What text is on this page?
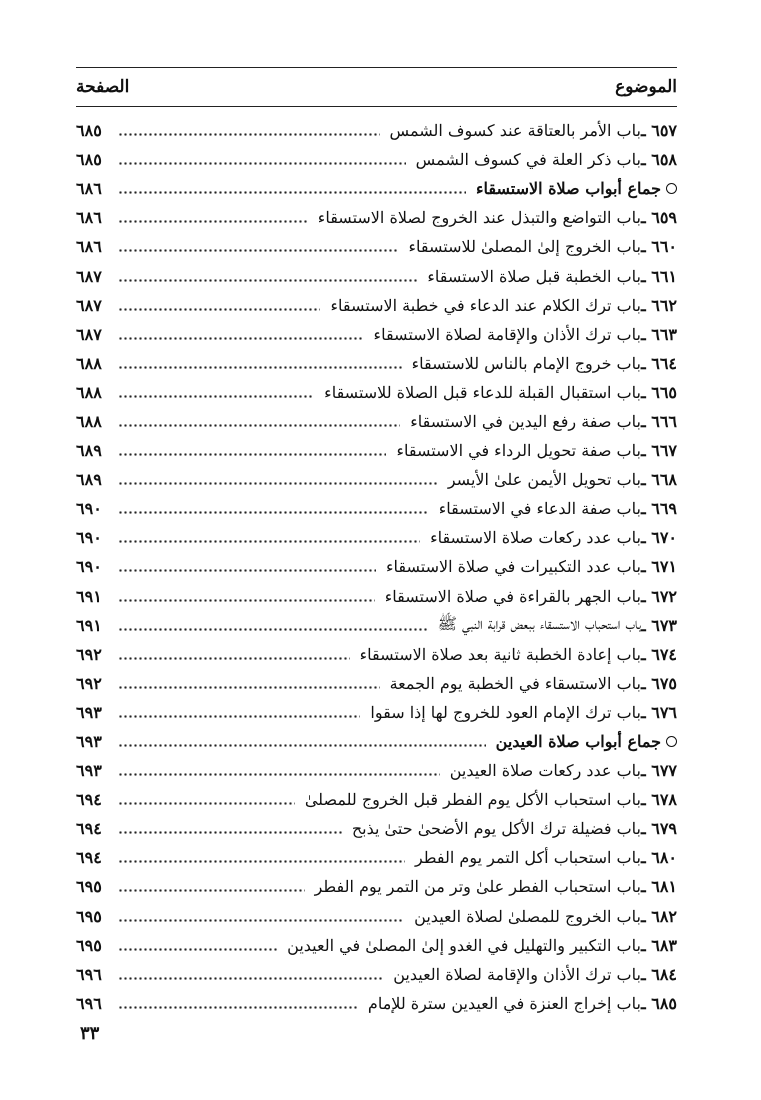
الموضوع
الصفحة
٦٥٧ ـ
باب الأمر بالعتاقة عند كسوف الشمس
٦٨٥
٦٥٨ ـ
باب ذكر العلة في كسوف الشمس
٦٨٥
جماع أبواب صلاة الاستسقاء
٦٨٦
٦٥٩ ـ
باب التواضع والتبذل عند الخروج لصلاة الاستسقاء
٦٨٦
٦٦٠ ـ
باب الخروج إلىٰ المصلىٰ للاستسقاء
٦٨٦
٦٦١ ـ
باب الخطبة قبل صلاة الاستسقاء
٦٨٧
٦٦٢ ـ
باب ترك الكلام عند الدعاء في خطبة الاستسقاء
٦٨٧
٦٦٣ ـ
باب ترك الأذان والإقامة لصلاة الاستسقاء
٦٨٧
٦٦٤ ـ
باب خروج الإمام بالناس للاستسقاء
٦٨٨
٦٦٥ ـ
باب استقبال القبلة للدعاء قبل الصلاة للاستسقاء
٦٨٨
٦٦٦ ـ
باب صفة رفع اليدين في الاستسقاء
٦٨٨
٦٦٧ ـ
باب صفة تحويل الرداء في الاستسقاء
٦٨٩
٦٦٨ ـ
باب تحويل الأيمن علىٰ الأيسر
٦٨٩
٦٦٩ ـ
باب صفة الدعاء في الاستسقاء
٦٩٠
٦٧٠ ـ
باب عدد ركعات صلاة الاستسقاء
٦٩٠
٦٧١ ـ
باب عدد التكبيرات في صلاة الاستسقاء
٦٩٠
٦٧٢ ـ
باب الجهر بالقراءة في صلاة الاستسقاء
٦٩١
٦٧٣ ـ
باب استحباب الاستسقاء ببعض قرابة النبي ﷺ
٦٩١
٦٧٤ ـ
باب إعادة الخطبة ثانية بعد صلاة الاستسقاء
٦٩٢
٦٧٥ ـ
باب الاستسقاء في الخطبة يوم الجمعة
٦٩٢
٦٧٦ ـ
باب ترك الإمام العود للخروج لها إذا سقوا
٦٩٣
جماع أبواب صلاة العيدين
٦٩٣
٦٧٧ ـ
باب عدد ركعات صلاة العيدين
٦٩٣
٦٧٨ ـ
باب استحباب الأكل يوم الفطر قبل الخروج للمصلىٰ
٦٩٤
٦٧٩ ـ
باب فضيلة ترك الأكل يوم الأضحىٰ حتىٰ يذبح
٦٩٤
٦٨٠ ـ
باب استحباب أكل التمر يوم الفطر
٦٩٤
٦٨١ ـ
باب استحباب الفطر علىٰ وتر من التمر يوم الفطر
٦٩٥
٦٨٢ ـ
باب الخروج للمصلىٰ لصلاة العيدين
٦٩٥
٦٨٣ ـ
باب التكبير والتهليل في الغدو إلىٰ المصلىٰ في العيدين
٦٩٥
٦٨٤ ـ
باب ترك الأذان والإقامة لصلاة العيدين
٦٩٦
٦٨٥ ـ
باب إخراج العنزة في العيدين سترة للإمام
٦٩٦
٣٣
